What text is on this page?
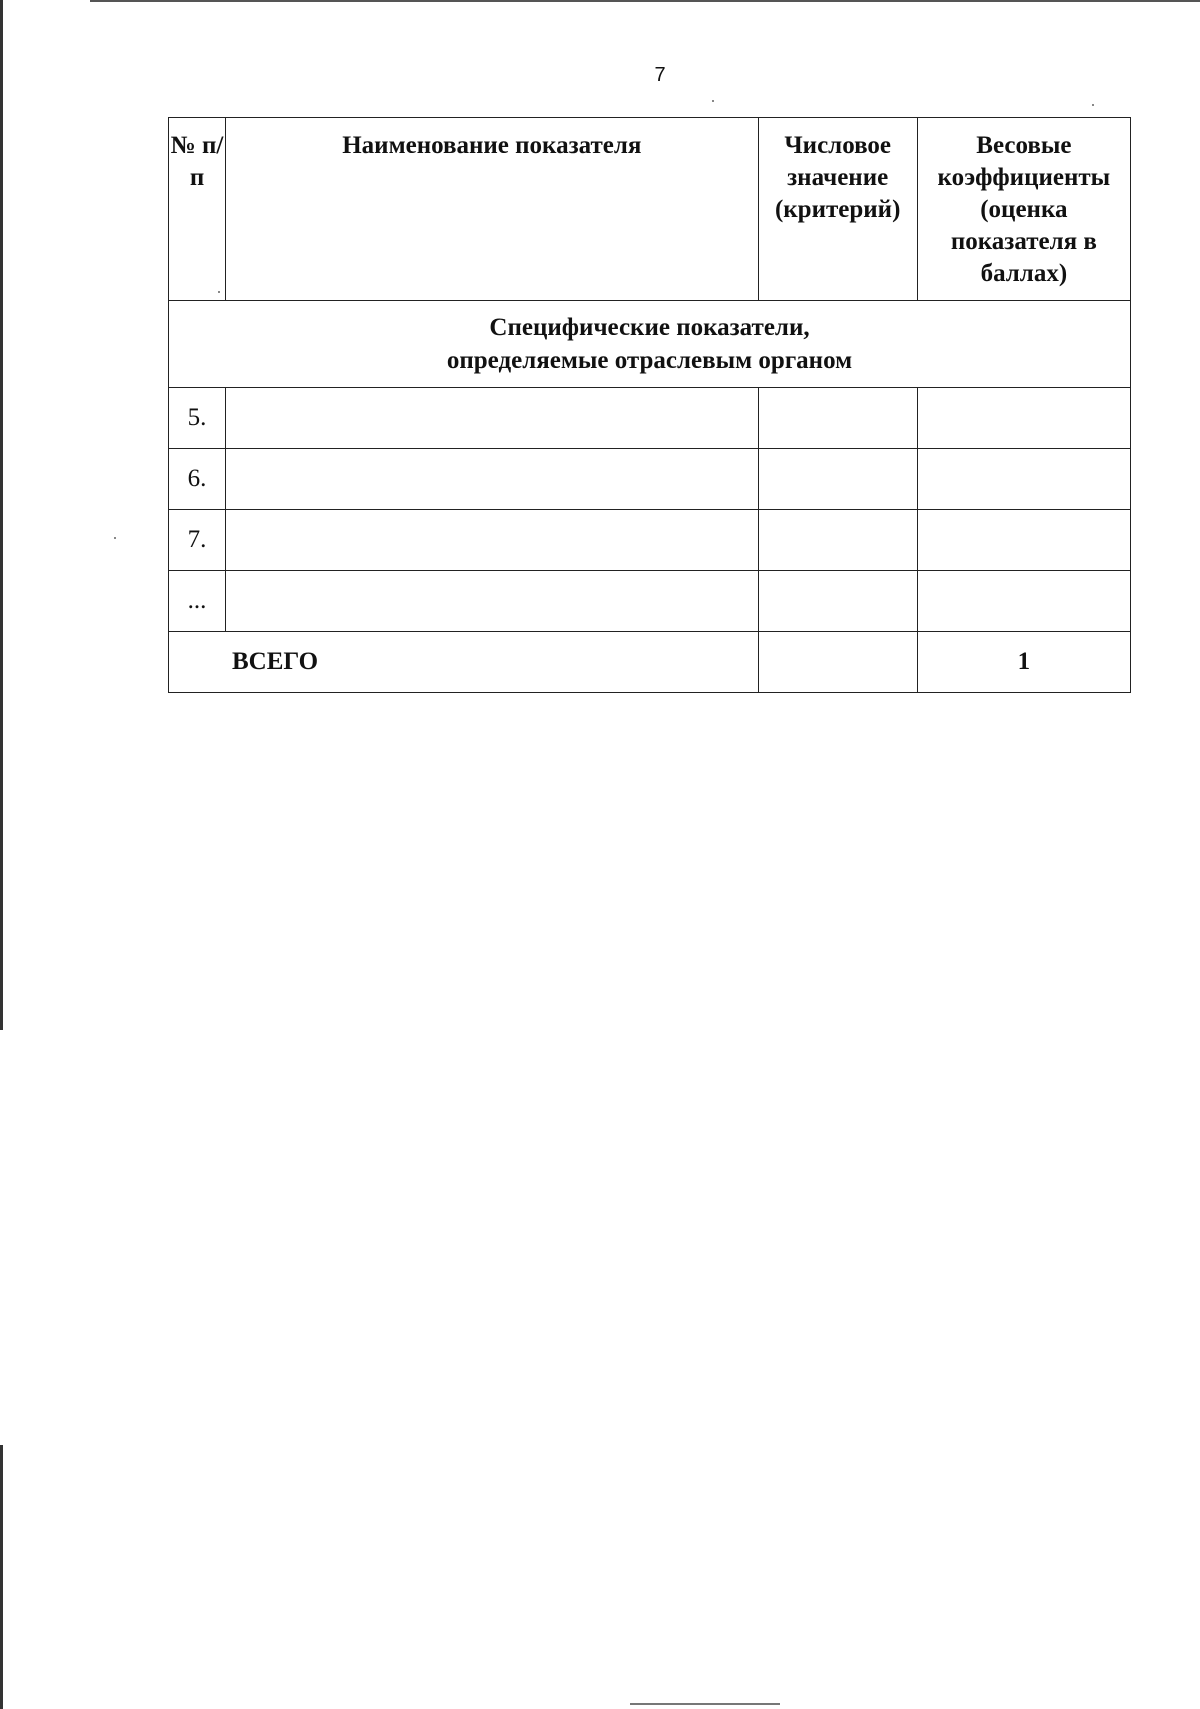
7
№ п/п	Наименование показателя	Числовое значение (критерий)	Весовые коэффициенты (оценка показателя в баллах)

Специфические показатели,
определяемые отраслевым органом			

5.			
6.			
7.			
...			
ВСЕГО			1
